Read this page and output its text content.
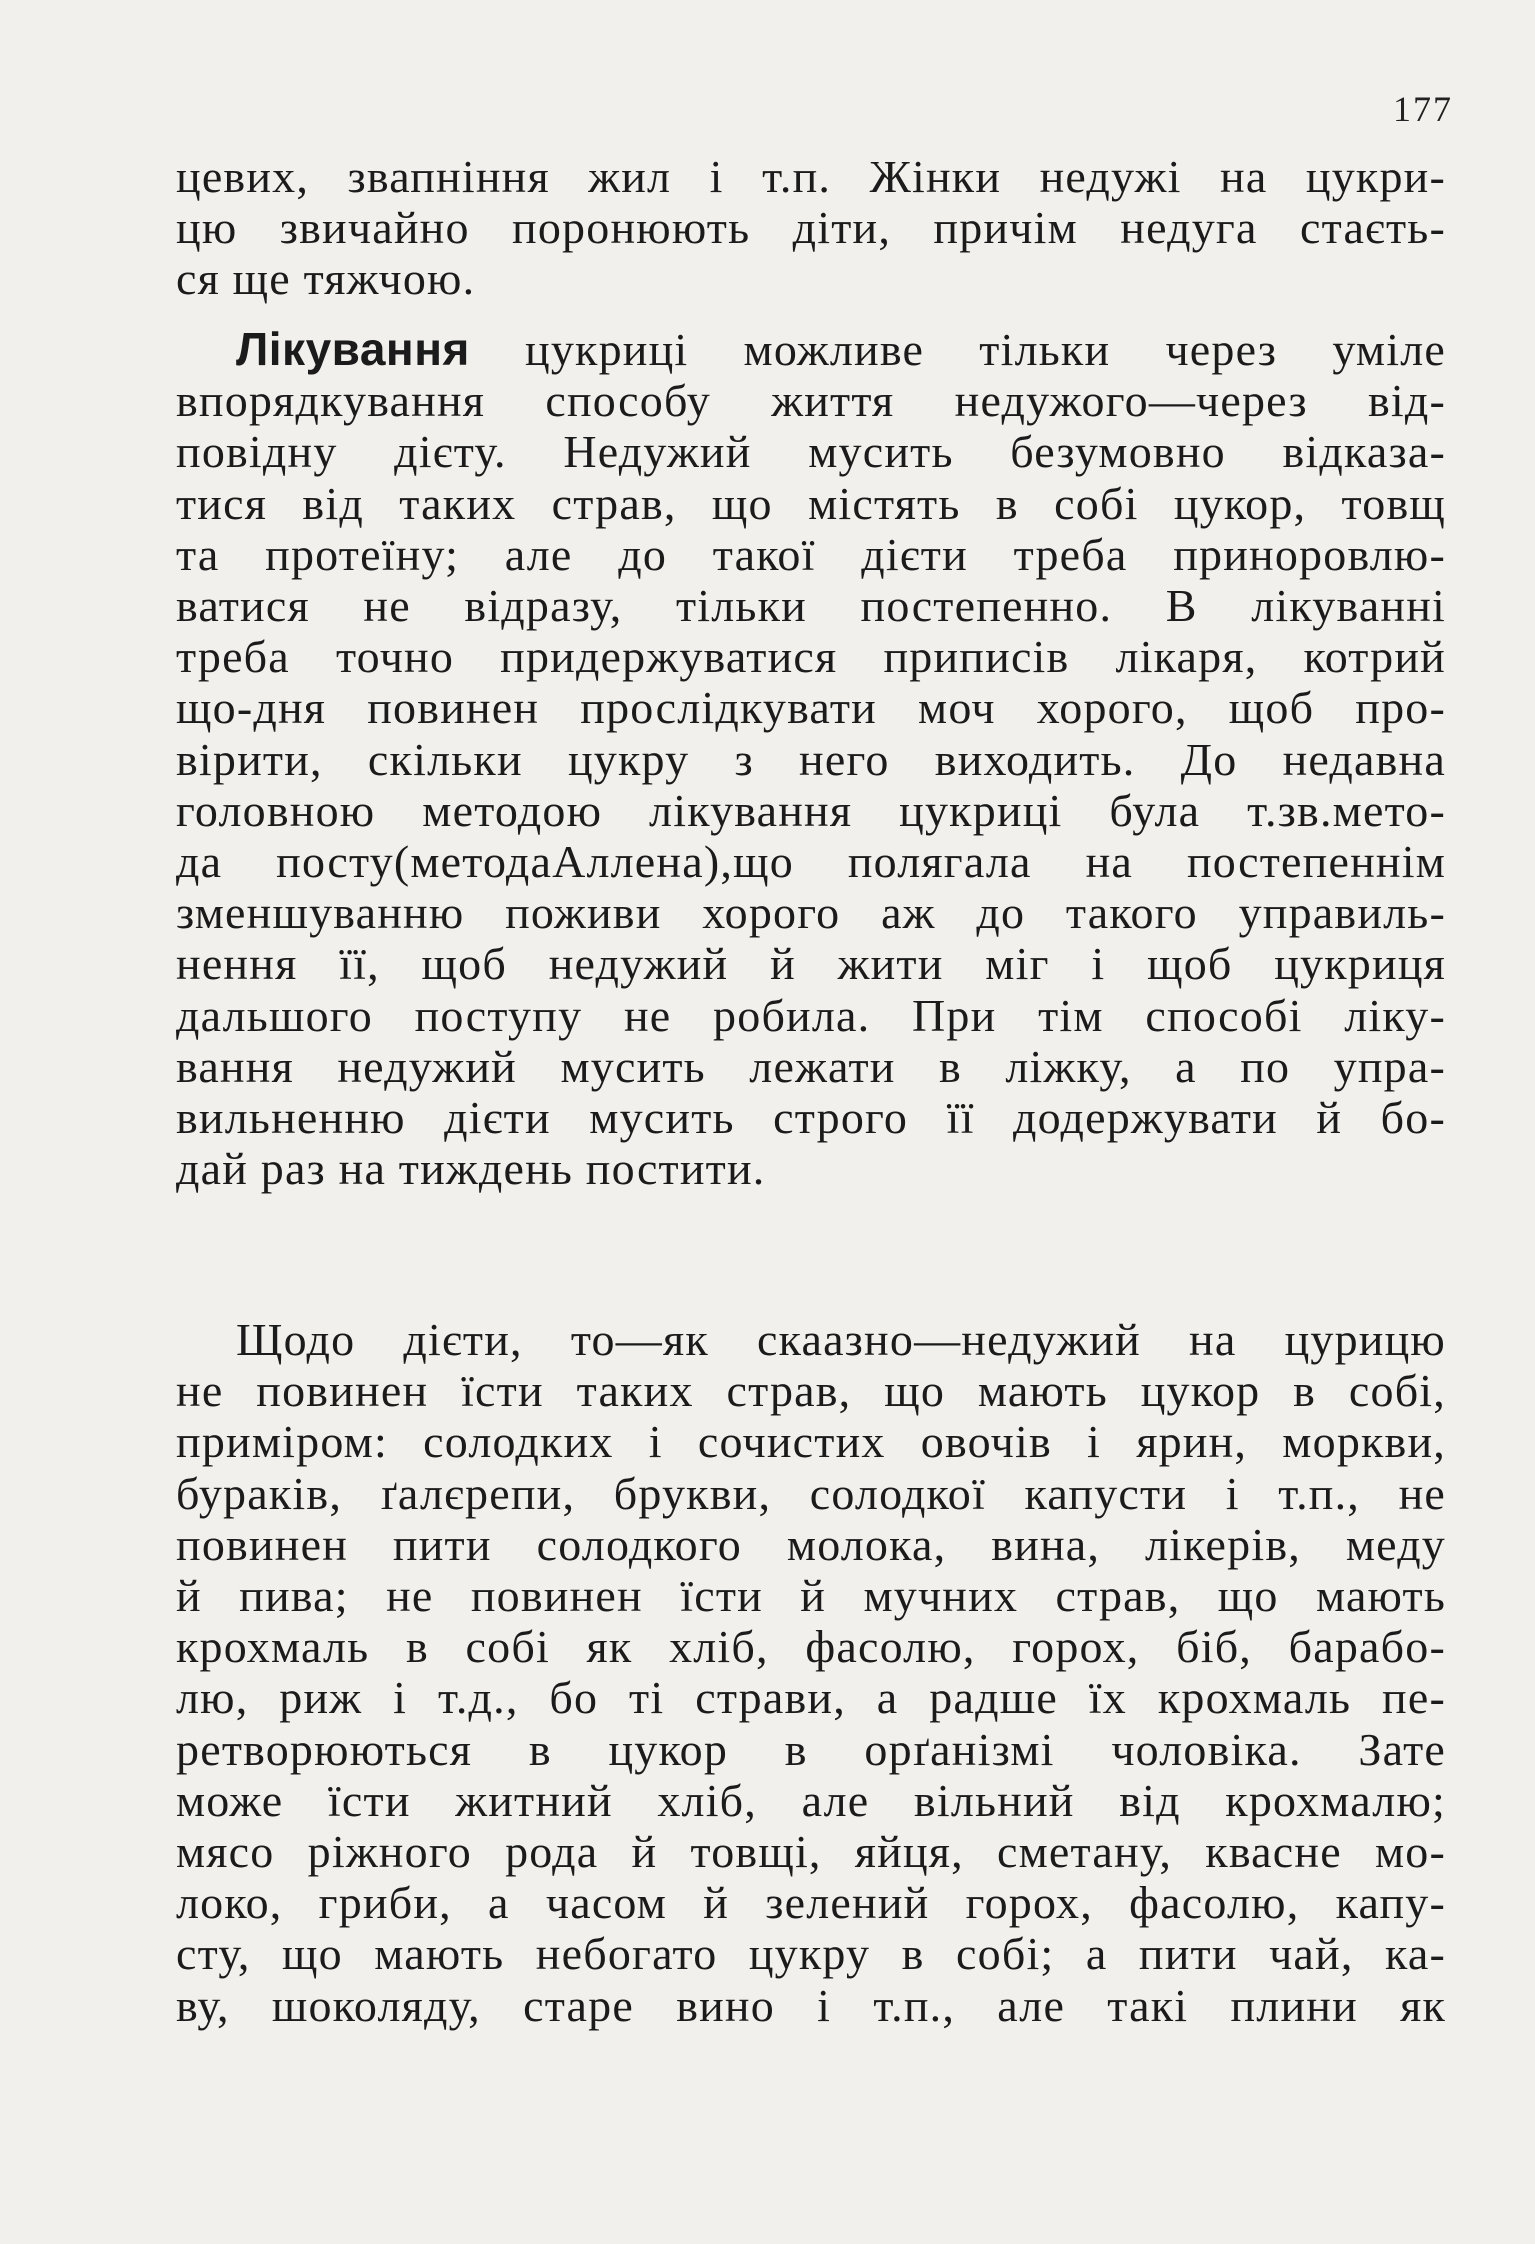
177
цевих, звапніння жил і т.п. Жінки недужі на цукри-
цю звичайно поронюють діти, причім недуга стаєть-
ся ще тяжчою.
Лікування цукриці можливе тільки через уміле
впорядкування способу життя недужого—через від-
повідну дієту. Недужий мусить безумовно відказа-
тися від таких страв, що містять в собі цукор, товщ
та протеїну; але до такої дієти треба приноровлю-
ватися не відразу, тільки постепенно. В лікуванні
треба точно придержуватися приписів лікаря, котрий
що-дня повинен прослідкувати моч хорого, щоб про-
вірити, скільки цукру з него виходить. До недавна
головною методою лікування цукриці була т.зв.мето-
да посту(методаАллена),що полягала на постепеннім
зменшуванню поживи хорого аж до такого управиль-
нення її, щоб недужий й жити міг і щоб цукриця
дальшого поступу не робила. При тім способі ліку-
вання недужий мусить лежати в ліжку, а по упра-
вильненню дієти мусить строго її додержувати й бо-
дай раз на тиждень постити.
Щодо дієти, то—як скаазно—недужий на цурицю
не повинен їсти таких страв, що мають цукор в собі,
приміром: солодких і сочистих овочів і ярин, моркви,
бураків, ґалєрепи, брукви, солодкої капусти і т.п., не
повинен пити солодкого молока, вина, лікерів, меду
й пива; не повинен їсти й мучних страв, що мають
крохмаль в собі як хліб, фасолю, горох, біб, барабо-
лю, риж і т.д., бо ті страви, а радше їх крохмаль пе-
ретворюються в цукор в орґанізмі чоловіка. Зате
може їсти житний хліб, але вільний від крохмалю;
мясо ріжного рода й товщі, яйця, сметану, квасне мо-
локо, гриби, а часом й зелений горох, фасолю, капу-
сту, що мають небогато цукру в собі; а пити чай, ка-
ву, шоколяду, старе вино і т.п., але такі плини як
